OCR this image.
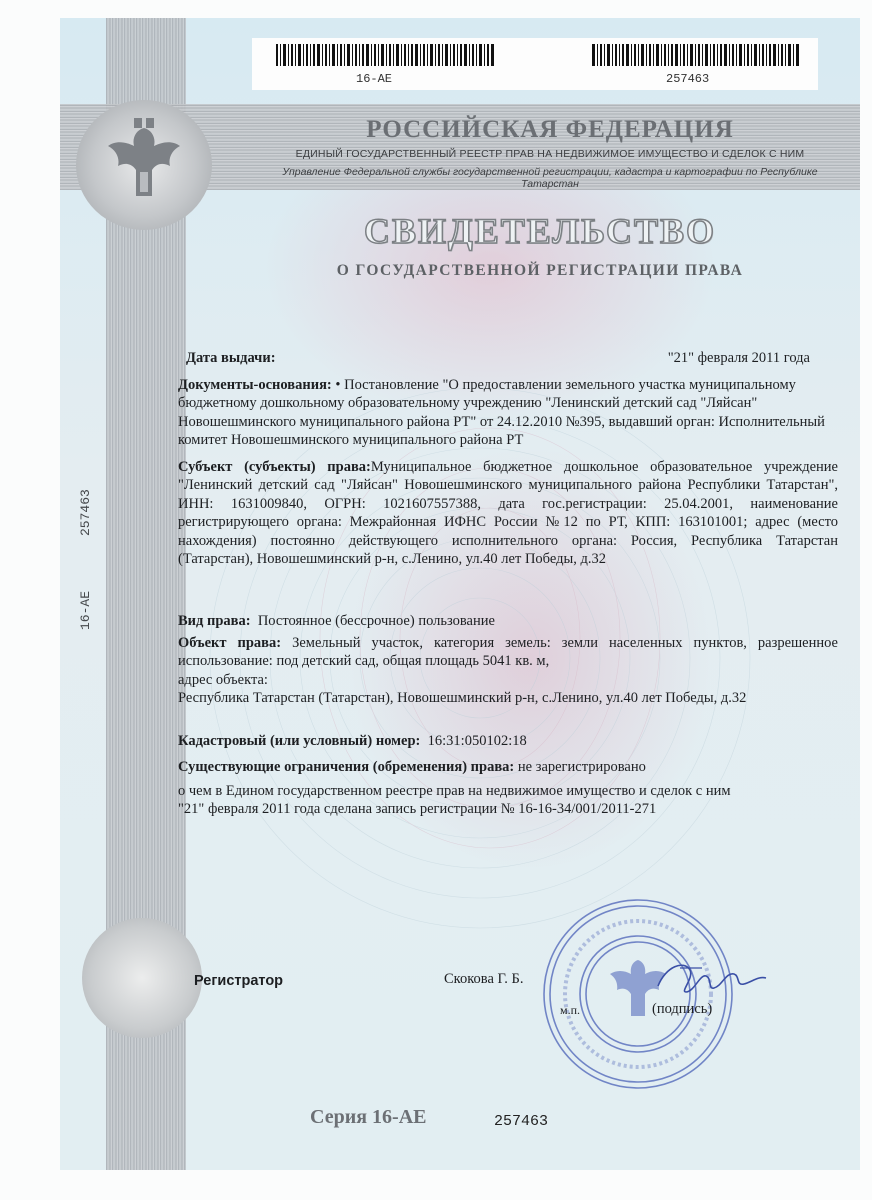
16-AE	257463
РОССИЙСКАЯ ФЕДЕРАЦИЯ
ЕДИНЫЙ ГОСУДАРСТВЕННЫЙ РЕЕСТР ПРАВ НА НЕДВИЖИМОЕ ИМУЩЕСТВО И СДЕЛОК С НИМ
Управление Федеральной службы государственной регистрации, кадастра и картографии по Республике Татарстан
СВИДЕТЕЛЬСТВО
О ГОСУДАРСТВЕННОЙ РЕГИСТРАЦИИ ПРАВА
257463
16-AE
Дата выдачи:	"21" февраля 2011 года
Документы-основания: • Постановление "О предоставлении земельного участка муниципальному бюджетному дошкольному образовательному учреждению "Ленинский детский сад "Ляйсан" Новошешминского муниципального района РТ" от 24.12.2010 №395, выдавший орган: Исполнительный комитет Новошешминского муниципального района РТ
Субъект (субъекты) права:Муниципальное бюджетное дошкольное образовательное учреждение "Ленинский детский сад "Ляйсан" Новошешминского муниципального района Республики Татарстан", ИНН: 1631009840, ОГРН: 1021607557388, дата гос.регистрации: 25.04.2001, наименование регистрирующего органа: Межрайонная ИФНС России №12 по РТ, КПП: 163101001; адрес (место нахождения) постоянно действующего исполнительного органа: Россия, Республика Татарстан (Татарстан), Новошешминский р-н, с.Ленино, ул.40 лет Победы, д.32
Вид права: Постоянное (бессрочное) пользование
Объект права: Земельный участок, категория земель: земли населенных пунктов, разрешенное использование: под детский сад, общая площадь 5041 кв. м,
адрес объекта:
Республика Татарстан (Татарстан), Новошешминский р-н, с.Ленино, ул.40 лет Победы, д.32
Кадастровый (или условный) номер: 16:31:050102:18
Существующие ограничения (обременения) права: не зарегистрировано
о чем в Едином государственном реестре прав на недвижимое имущество и сделок с ним
"21" февраля 2011 года сделана запись регистрации № 16-16-34/001/2011-271
Регистратор	Скокова Г. Б.
м.п.	(подпись)
Серия 16-АЕ	257463
